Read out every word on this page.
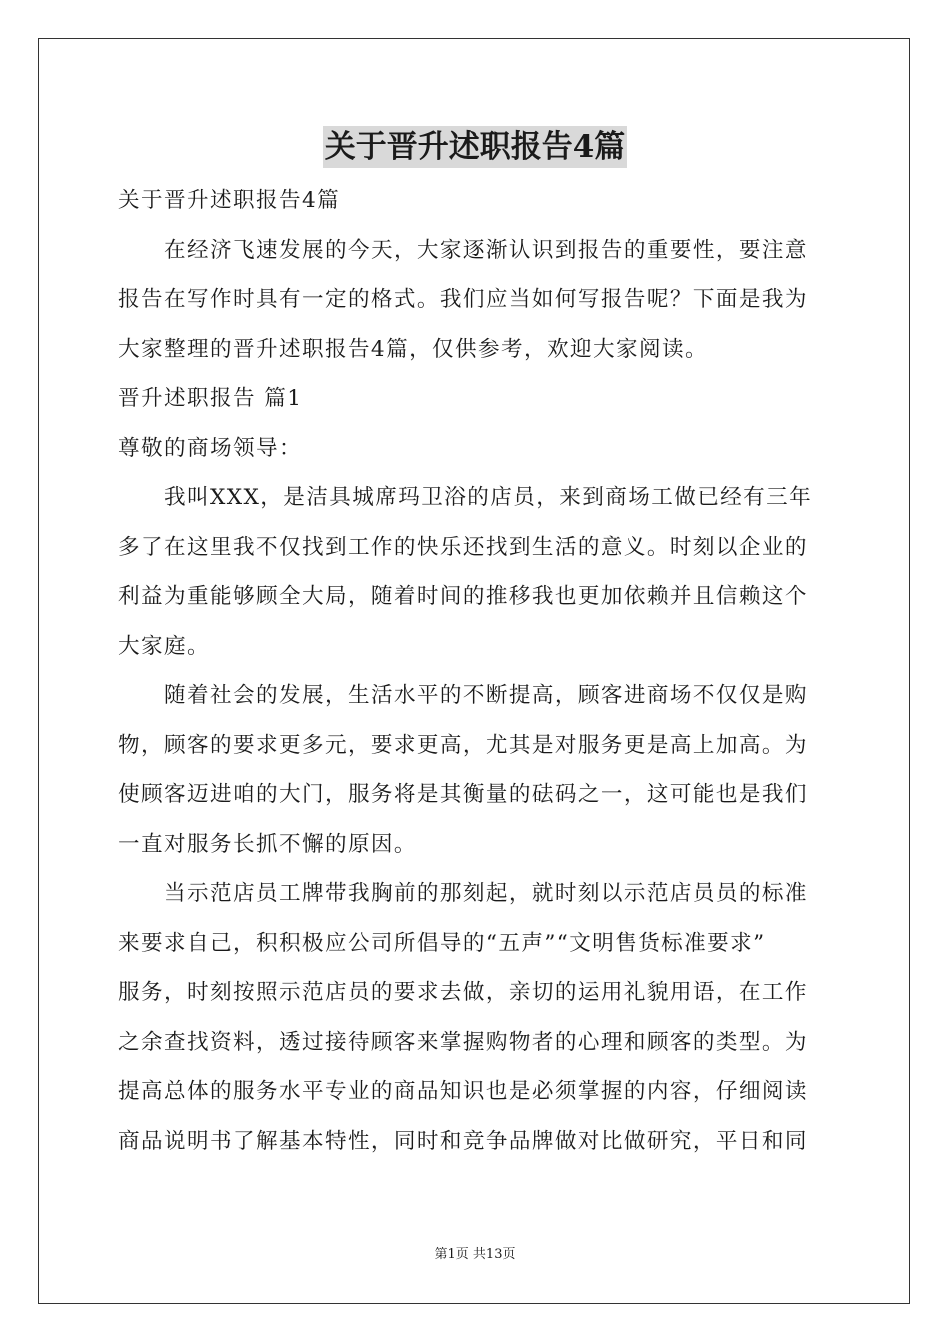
关于晋升述职报告4篇
关于晋升述职报告4篇
在经济飞速发展的今天，大家逐渐认识到报告的重要性，要注意
报告在写作时具有一定的格式。我们应当如何写报告呢？下面是我为
大家整理的晋升述职报告4篇，仅供参考，欢迎大家阅读。
晋升述职报告 篇1
尊敬的商场领导：
我叫XXX，是洁具城席玛卫浴的店员，来到商场工做已经有三年
多了在这里我不仅找到工作的快乐还找到生活的意义。时刻以企业的
利益为重能够顾全大局，随着时间的推移我也更加依赖并且信赖这个
大家庭。
随着社会的发展，生活水平的不断提高，顾客进商场不仅仅是购
物，顾客的要求更多元，要求更高，尤其是对服务更是高上加高。为
使顾客迈进咱的大门，服务将是其衡量的砝码之一，这可能也是我们
一直对服务长抓不懈的原因。
当示范店员工牌带我胸前的那刻起，就时刻以示范店员员的标准
来要求自己，积积极应公司所倡导的“五声”“文明售货标准要求”
服务，时刻按照示范店员的要求去做，亲切的运用礼貌用语，在工作
之余查找资料，透过接待顾客来掌握购物者的心理和顾客的类型。为
提高总体的服务水平专业的商品知识也是必须掌握的内容，仔细阅读
商品说明书了解基本特性，同时和竞争品牌做对比做研究，平日和同
第1页 共13页
